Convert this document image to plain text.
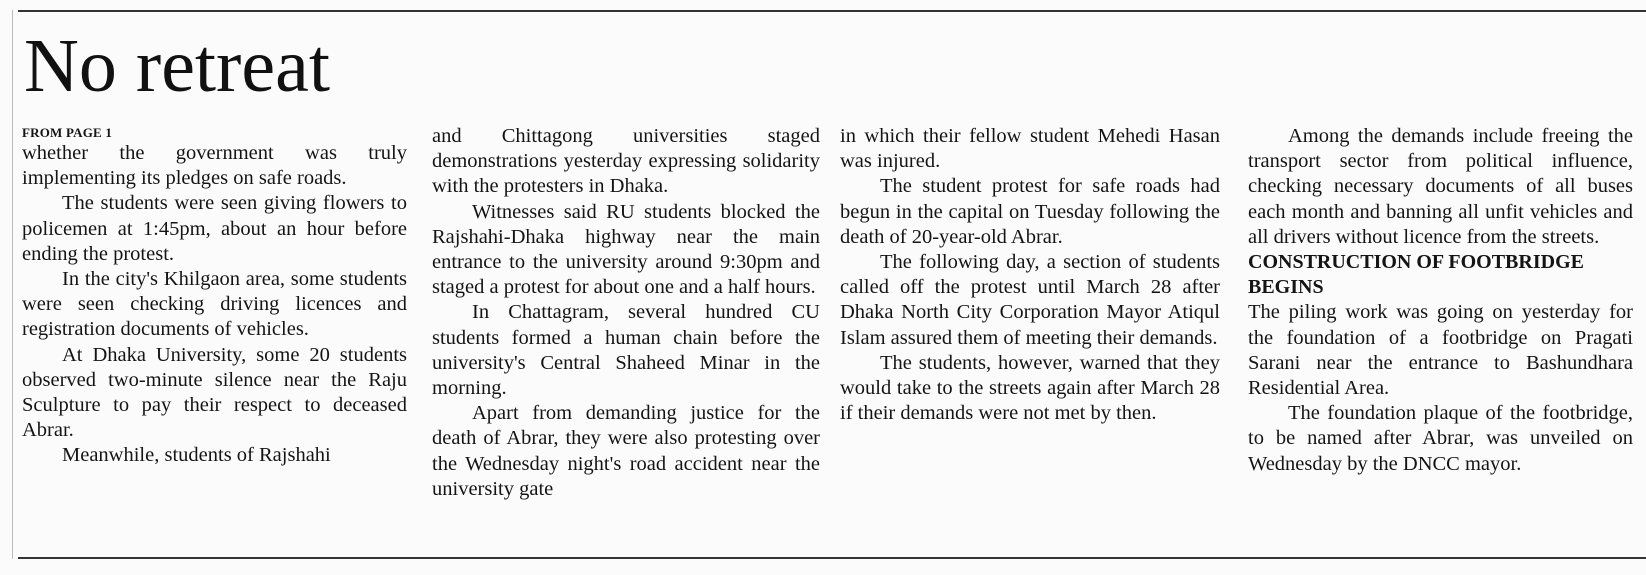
No retreat
FROM PAGE 1

whether the government was truly implementing its pledges on safe roads.

The students were seen giving flowers to policemen at 1:45pm, about an hour before ending the protest.

In the city's Khilgaon area, some students were seen checking driving licences and registration documents of vehicles.

At Dhaka University, some 20 students observed two-minute silence near the Raju Sculpture to pay their respect to deceased Abrar.

Meanwhile, students of Rajshahi

and Chittagong universities staged demonstrations yesterday expressing solidarity with the protesters in Dhaka.

Witnesses said RU students blocked the Rajshahi-Dhaka highway near the main entrance to the university around 9:30pm and staged a protest for about one and a half hours.

In Chattagram, several hundred CU students formed a human chain before the university's Central Shaheed Minar in the morning.

Apart from demanding justice for the death of Abrar, they were also protesting over the Wednesday night's road accident near the university gate

in which their fellow student Mehedi Hasan was injured.

The student protest for safe roads had begun in the capital on Tuesday following the death of 20-year-old Abrar.

The following day, a section of students called off the protest until March 28 after Dhaka North City Corporation Mayor Atiqul Islam assured them of meeting their demands.

The students, however, warned that they would take to the streets again after March 28 if their demands were not met by then.

Among the demands include freeing the transport sector from political influence, checking necessary documents of all buses each month and banning all unfit vehicles and all drivers without licence from the streets.

CONSTRUCTION OF FOOTBRIDGE BEGINS

The piling work was going on yesterday for the foundation of a footbridge on Pragati Sarani near the entrance to Bashundhara Residential Area.

The foundation plaque of the footbridge, to be named after Abrar, was unveiled on Wednesday by the DNCC mayor.
